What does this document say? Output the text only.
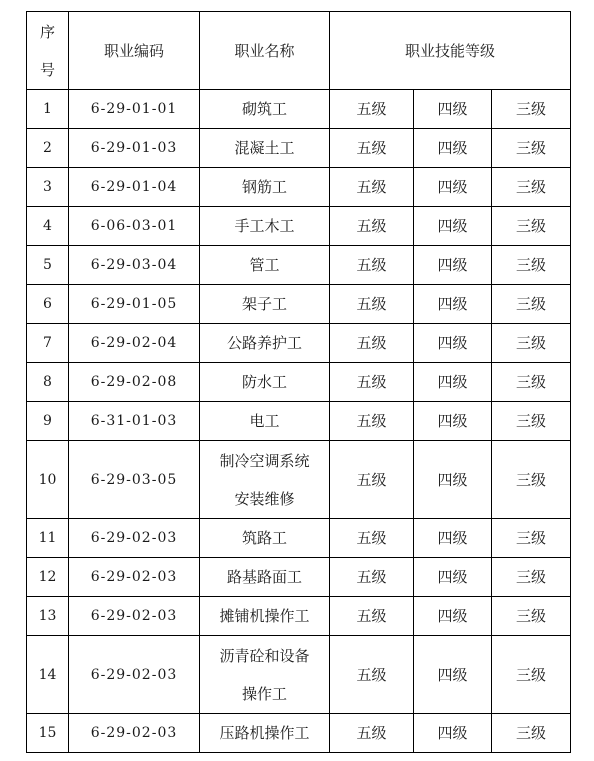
序
号	职业编码	职业名称	职业技能等级		
1	6-29-01-01	砌筑工	五级	四级	三级
2	6-29-01-03	混凝土工	五级	四级	三级
3	6-29-01-04	钢筋工	五级	四级	三级
4	6-06-03-01	手工木工	五级	四级	三级
5	6-29-03-04	管工	五级	四级	三级
6	6-29-01-05	架子工	五级	四级	三级
7	6-29-02-04	公路养护工	五级	四级	三级
8	6-29-02-08	防水工	五级	四级	三级
9	6-31-01-03	电工	五级	四级	三级
10	6-29-03-05	制冷空调系统
安装维修	五级	四级	三级
11	6-29-02-03	筑路工	五级	四级	三级
12	6-29-02-03	路基路面工	五级	四级	三级
13	6-29-02-03	摊铺机操作工	五级	四级	三级
14	6-29-02-03	沥青砼和设备
操作工	五级	四级	三级
15	6-29-02-03	压路机操作工	五级	四级	三级
